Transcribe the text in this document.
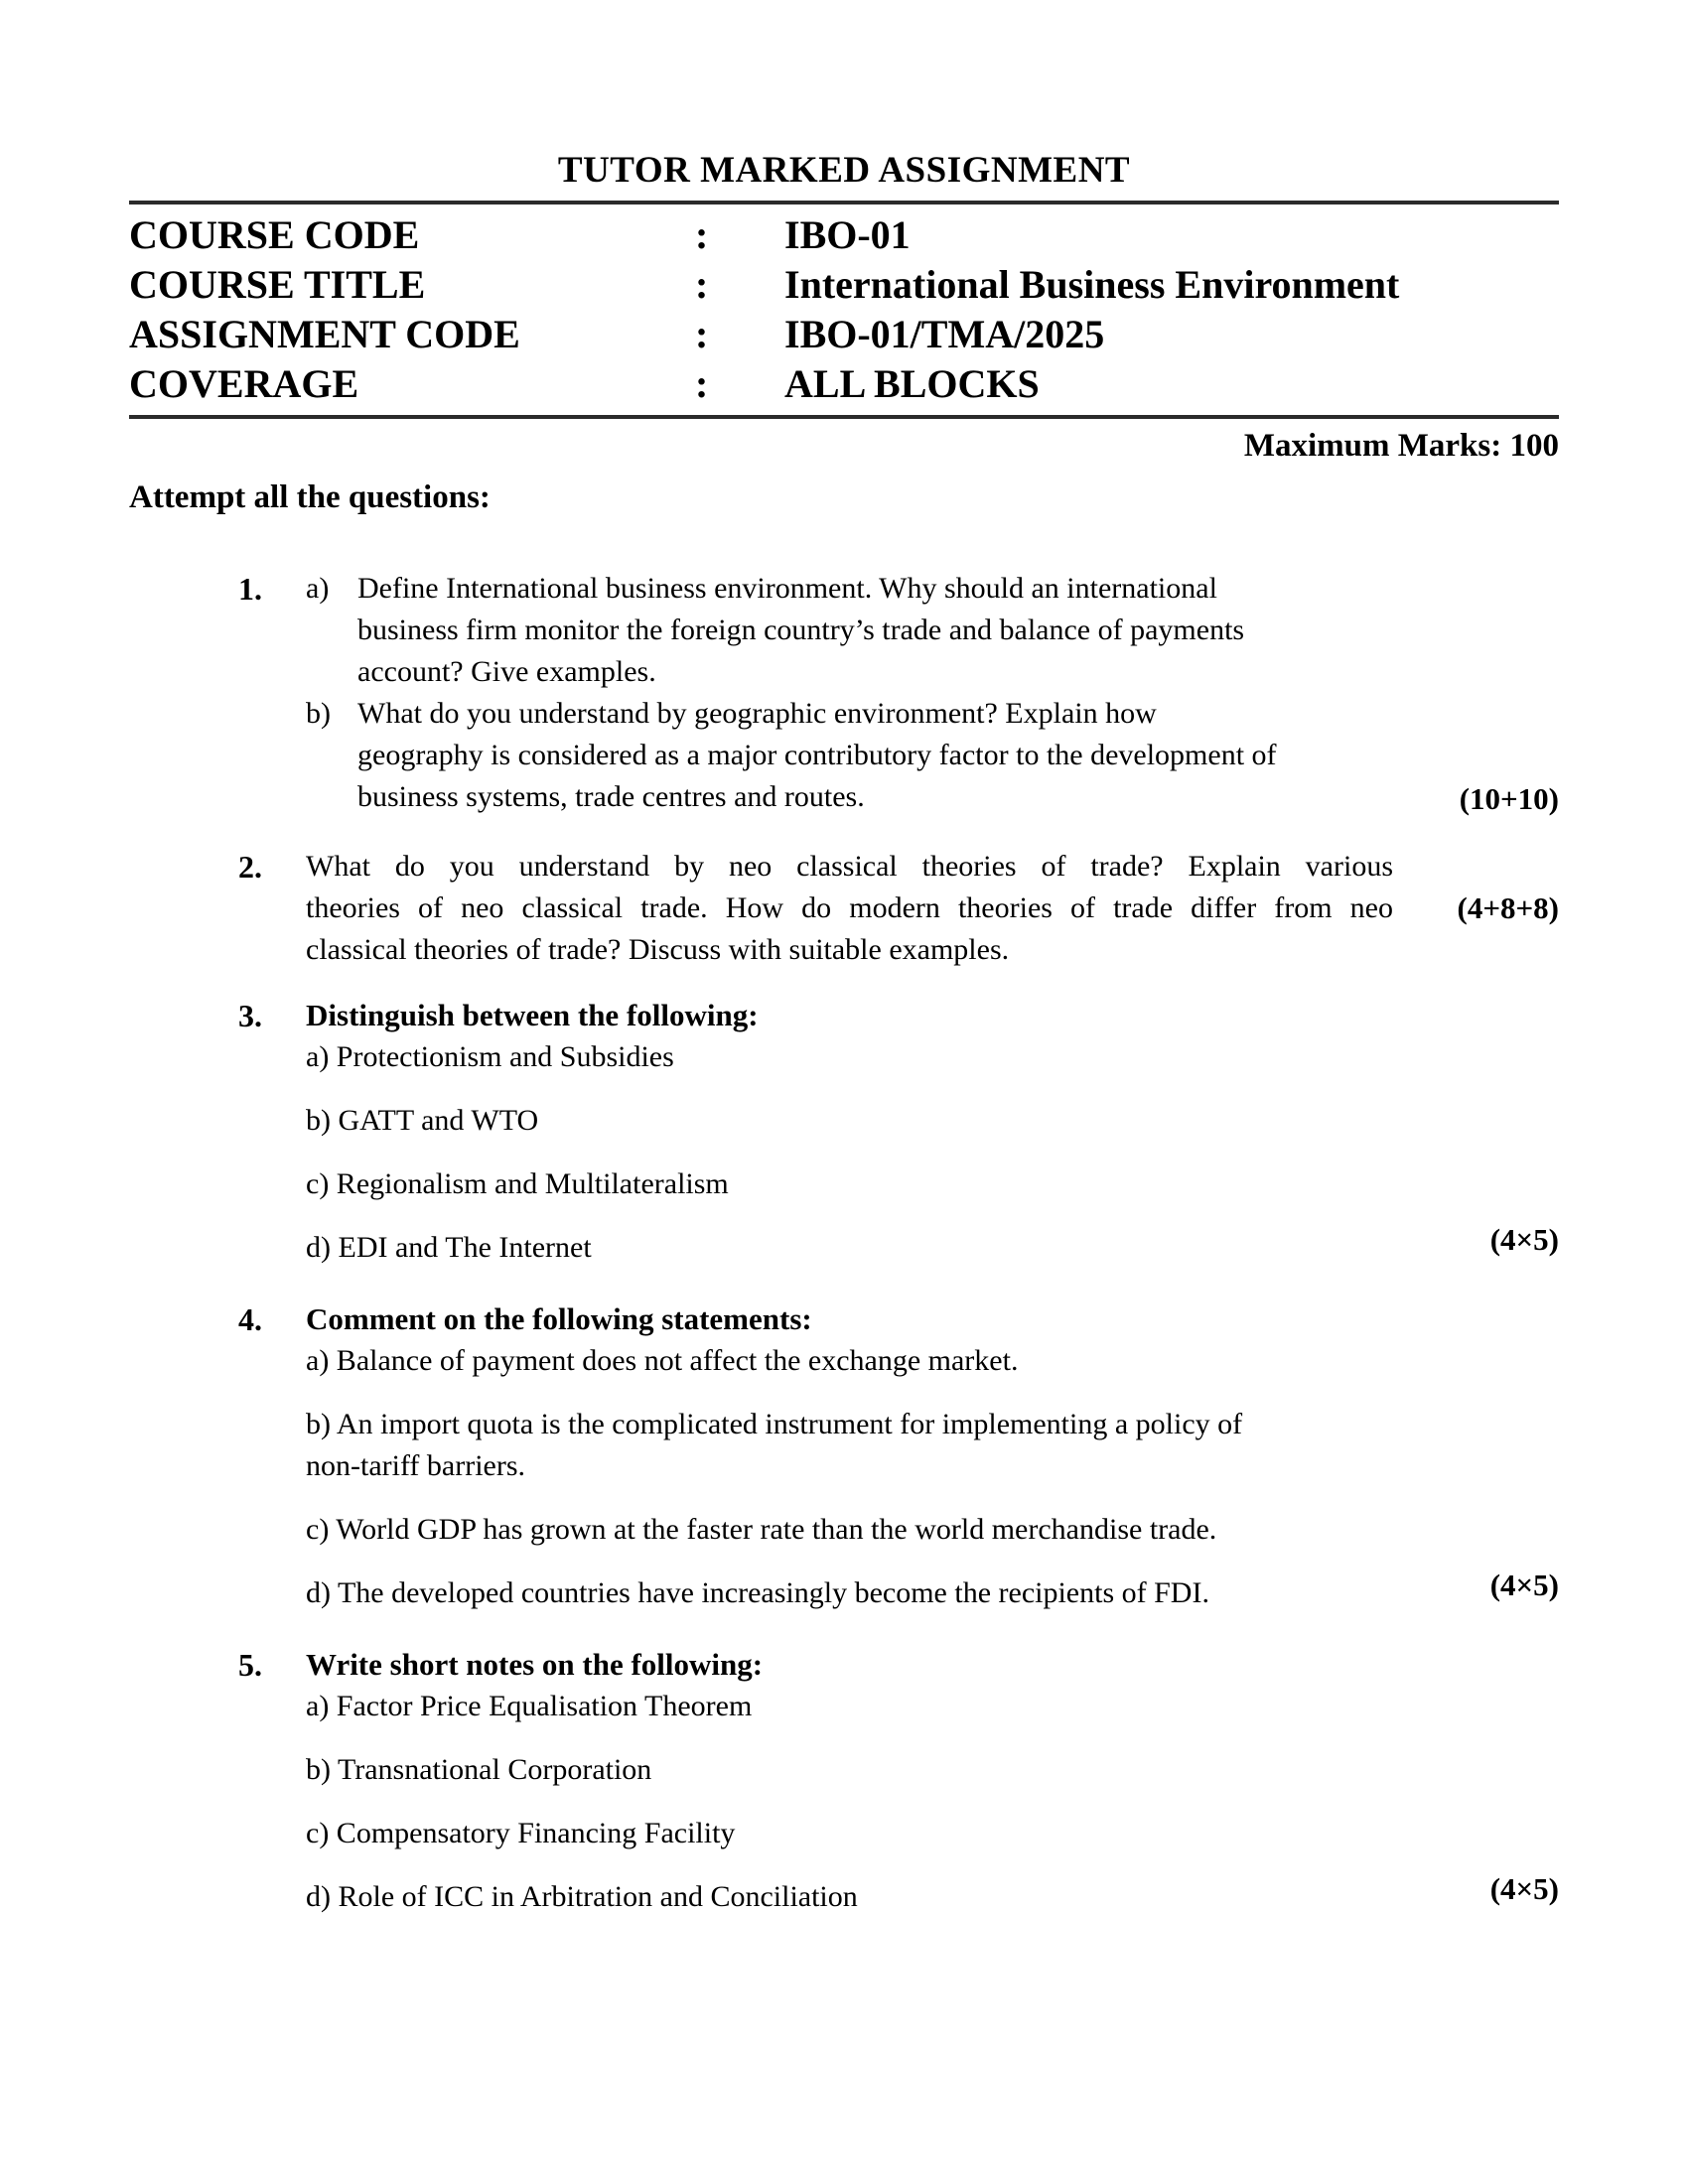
TUTOR MARKED ASSIGNMENT
COURSE CODE	:	IBO-01
COURSE TITLE	:	International Business Environment
ASSIGNMENT CODE	:	IBO-01/TMA/2025
COVERAGE	:	ALL BLOCKS
Maximum Marks: 100
Attempt all the questions:
1.	a) Define International business environment. Why should an international
business firm monitor the foreign country’s trade and balance of payments
account? Give examples.
b) What do you understand by geographic environment? Explain how
geography is considered as a major contributory factor to the development of
business systems, trade centres and routes.	(10+10)
2.	What do you understand by neo classical theories of trade? Explain various
theories of neo classical trade. How do modern theories of trade differ from neo
classical theories of trade? Discuss with suitable examples.
(4+8+8)
3.	Distinguish between the following:
a) Protectionism and Subsidies
b) GATT and WTO
c) Regionalism and Multilateralism
d) EDI and The Internet	(4×5)
4.	Comment on the following statements:
a) Balance of payment does not affect the exchange market.
b) An import quota is the complicated instrument for implementing a policy of
non-tariff barriers.
c) World GDP has grown at the faster rate than the world merchandise trade.
d) The developed countries have increasingly become the recipients of FDI.	(4×5)
5.	Write short notes on the following:
a) Factor Price Equalisation Theorem
b) Transnational Corporation
c) Compensatory Financing Facility
d) Role of ICC in Arbitration and Conciliation	(4×5)
